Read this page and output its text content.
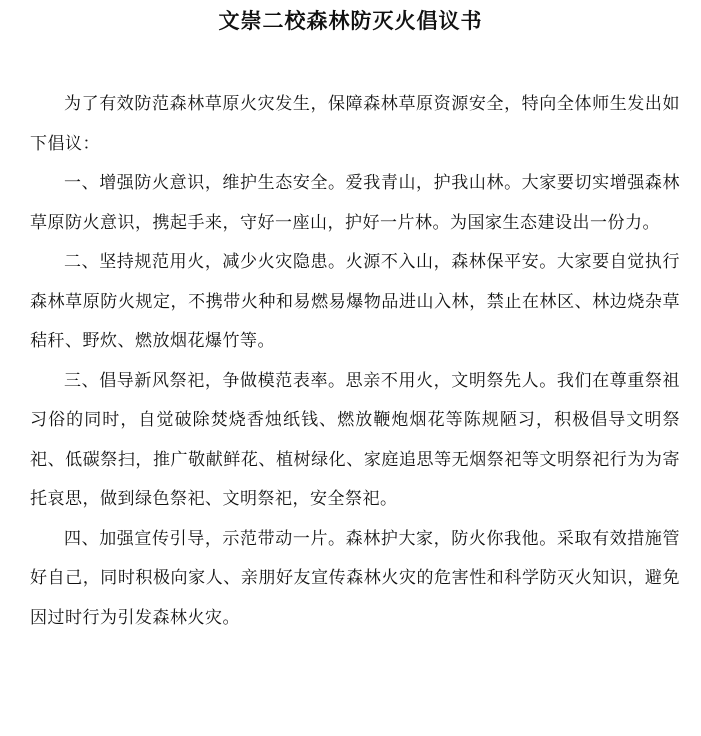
文崇二校森林防灭火倡议书

为了有效防范森林草原火灾发生，保障森林草原资源安全，特向全体师生发出如下倡议：

一、增强防火意识，维护生态安全。爱我青山，护我山林。大家要切实增强森林草原防火意识，携起手来，守好一座山，护好一片林。为国家生态建设出一份力。

二、坚持规范用火，减少火灾隐患。火源不入山，森林保平安。大家要自觉执行森林草原防火规定，不携带火种和易燃易爆物品进山入林，禁止在林区、林边烧杂草秸秆、野炊、燃放烟花爆竹等。

三、倡导新风祭祀，争做模范表率。思亲不用火，文明祭先人。我们在尊重祭祖习俗的同时，自觉破除焚烧香烛纸钱、燃放鞭炮烟花等陈规陋习，积极倡导文明祭祀、低碳祭扫，推广敬献鲜花、植树绿化、家庭追思等无烟祭祀等文明祭祀行为为寄托哀思，做到绿色祭祀、文明祭祀，安全祭祀。

四、加强宣传引导，示范带动一片。森林护大家，防火你我他。采取有效措施管好自己，同时积极向家人、亲朋好友宣传森林火灾的危害性和科学防灭火知识，避免因过时行为引发森林火灾。
